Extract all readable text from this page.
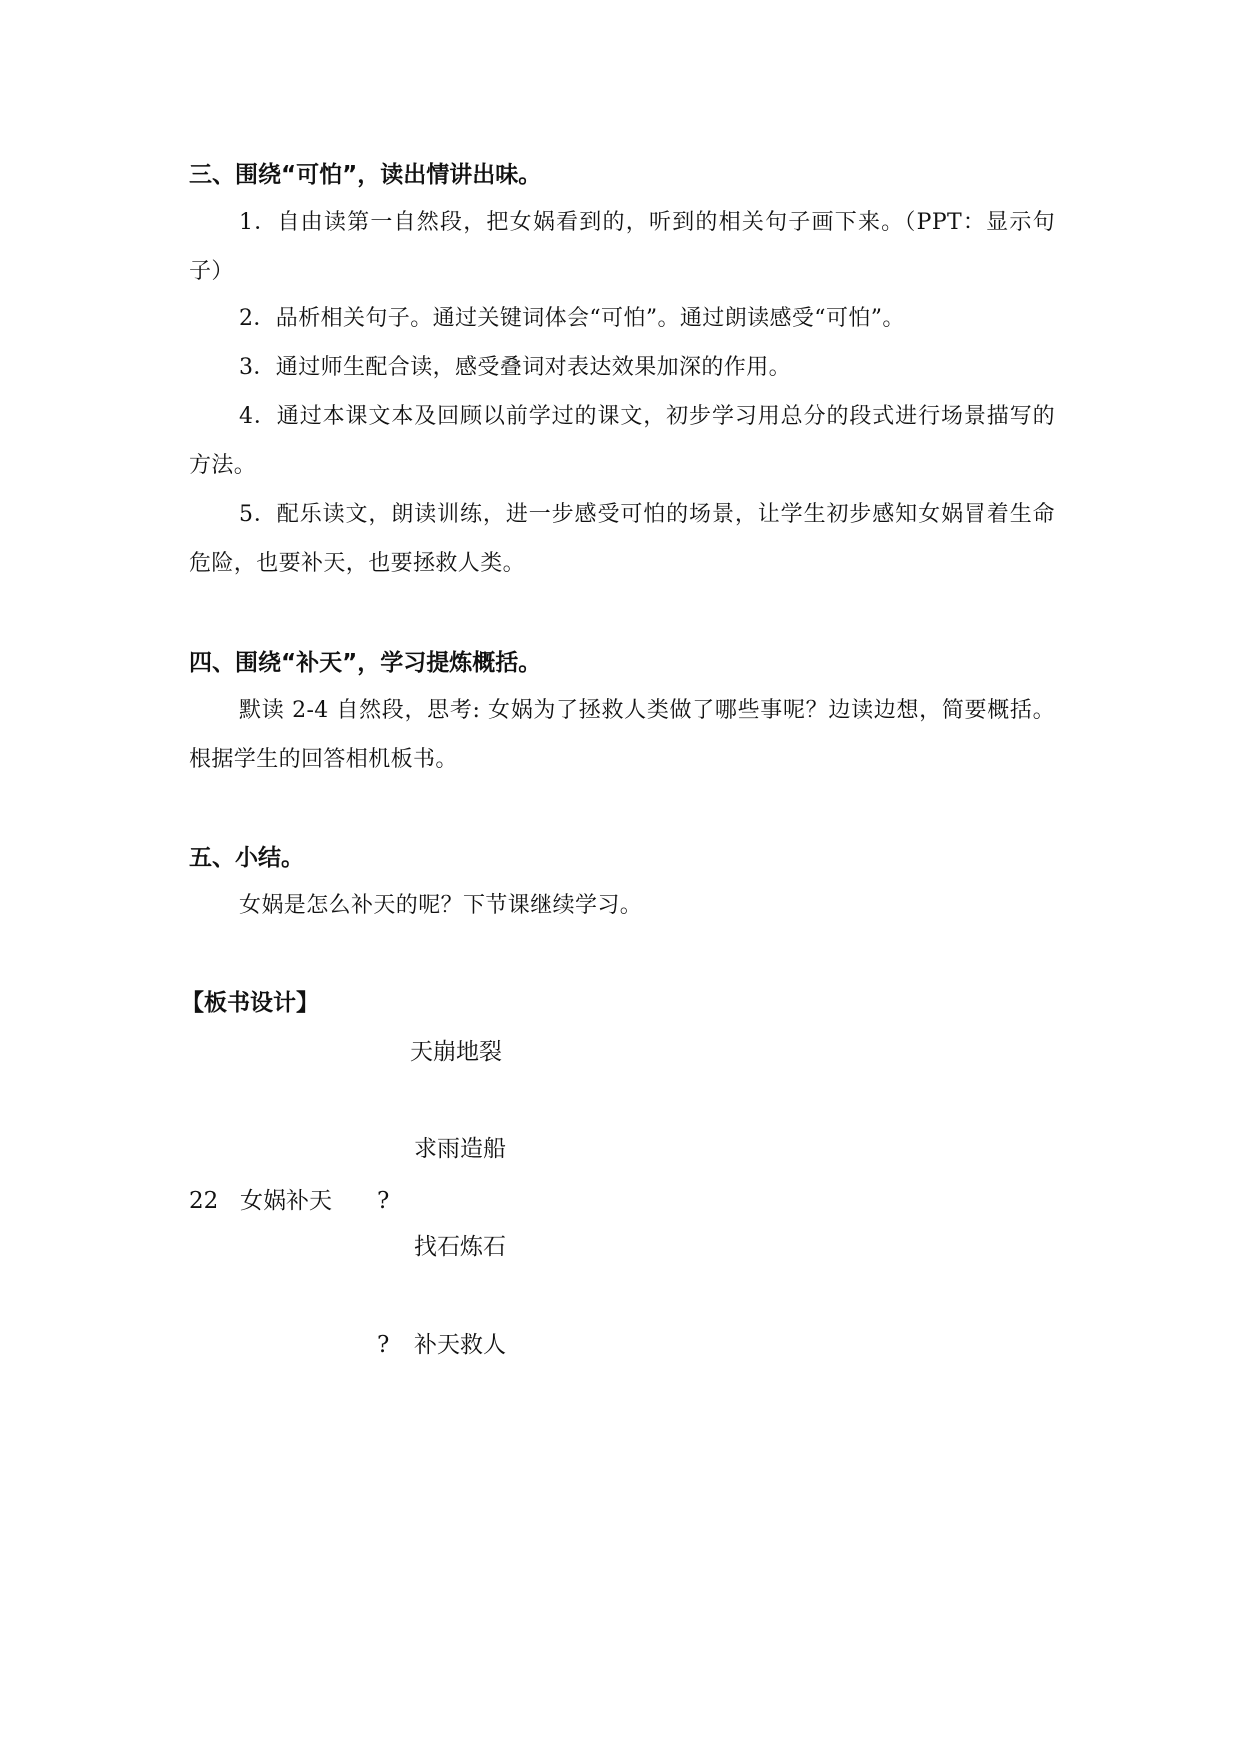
三、围绕“可怕”，读出情讲出味。
1．自由读第一自然段，把女娲看到的，听到的相关句子画下来。（PPT：显示句子）
2．品析相关句子。通过关键词体会“可怕”。通过朗读感受“可怕”。
3．通过师生配合读，感受叠词对表达效果加深的作用。
4．通过本课文本及回顾以前学过的课文，初步学习用总分的段式进行场景描写的方法。
5．配乐读文，朗读训练，进一步感受可怕的场景，让学生初步感知女娲冒着生命危险，也要补天，也要拯救人类。
四、围绕“补天”，学习提炼概括。
默读 2-4 自然段，思考: 女娲为了拯救人类做了哪些事呢？边读边想，简要概括。根据学生的回答相机板书。
五、小结。
女娲是怎么补天的呢？下节课继续学习。
【板书设计】
天崩地裂
求雨造船
22 女娲补天 ?
找石炼石
? 补天救人
